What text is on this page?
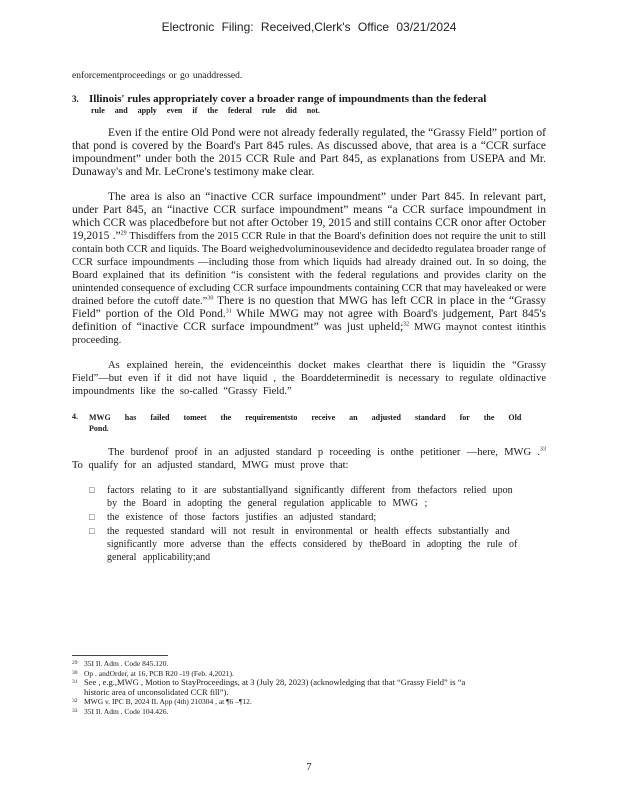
Electronic Filing: Received,Clerk's Office 03/21/2024

enforcementproceedings or go unaddressed.

3. Illinois' rules appropriately cover a broader range of impoundments than the federal
rule and apply even if the federal rule did not.

Even if the entire Old Pond were not already federally regulated, the “Grassy Field” portion of that pond is covered by the Board's Part 845 rules. As discussed above, that area is a “CCR surface impoundment” under both the 2015 CCR Rule and Part 845, as explanations from USEPA and Mr. Dunaway's and Mr. LeCrone's testimony make clear.

The area is also an “inactive CCR surface impoundment” under Part 845. In relevant part, under Part 845, an “inactive CCR surface impoundment” means “a CCR surface impoundment in which CCR was placedbefore but not after October 19, 2015 and still contains CCR onor after October 19,2015 .”$^{29}$ Thisdiffers from the 2015 CCR Rule in that the Board's definition does not require the unit to still contain both CCR and liquids. The Board weighedvoluminousevidence and decidedto regulatea broader range of CCR surface impoundments —including those from which liquids had already drained out. In so doing, the Board explained that its definition “is consistent with the federal regulations and provides clarity on the unintended consequence of excluding CCR surface impoundments containing CCR that may haveleaked or were drained before the cutoff date.”$^{30}$ There is no question that MWG has left CCR in place in the “Grassy Field” portion of the Old Pond.$^{31}$ While MWG may not agree with Board's judgement, Part 845's definition of “inactive CCR surface impoundment” was just upheld;$^{32}$ MWG maynot contest itinthis proceeding.

As explained herein, the evidenceinthis docket makes clearthat there is liquidin the “Grassy Field”—but even if it did not have liquid , the Boarddeterminedit is necessary to regulate oldinactive impoundments like the so-called “Grassy Field.”

4.	MWG has failed tomeet the requirementsto receive an adjusted standard for the Old Pond.

The burdenof proof in an adjusted standard p roceeding is onthe petitioner —here, MWG .$^{33}$ To qualify for an adjusted standard, MWG must prove that:

□	factors relating to it are substantiallyand significantly different from thefactors relied upon by the Board in adopting the general regulation applicable to MWG ;
□	the existence of those factors justifies an adjusted standard;
□	the requested standard will not result in environmental or health effects substantially and significantly more adverse than the effects considered by theBoard in adopting the rule of general applicability;and
29 35I Il. Adm . Code 845.120.
30 Op . andOrder, at 16, PCB R20 -19 (Feb. 4,2021).
31 See , e.g.,MWG , Motion to StayProceedings, at 3 (July 28, 2023) (acknowledging that that “Grassy Field” is “a
historic area of unconsolidated CCR fill”).
32 MWG v. IPC B, 2024 IL App (4th) 210304 , at ¶6 –¶12.
33 35I Il. Adm . Code 104.426.
7
